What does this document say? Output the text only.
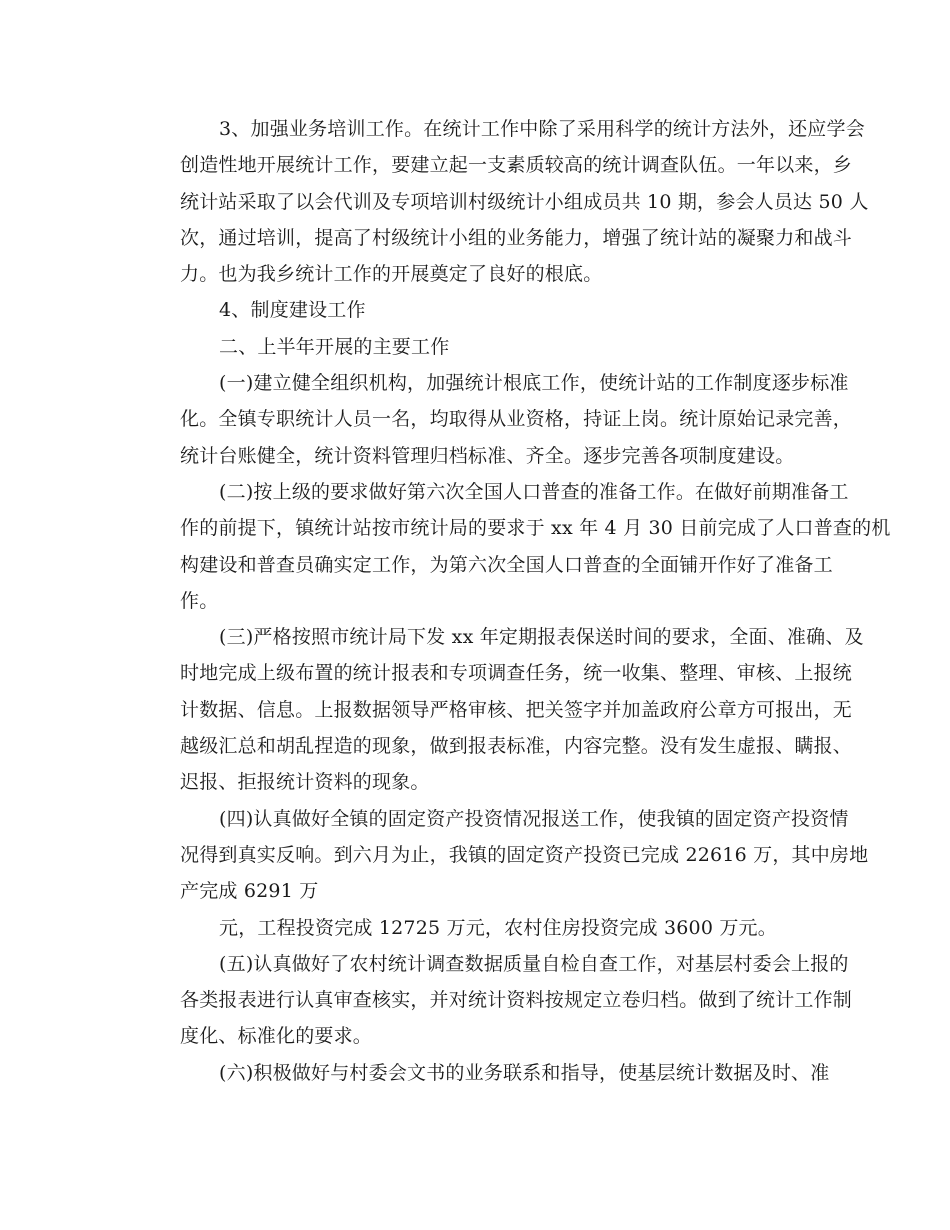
3、加强业务培训工作。在统计工作中除了采用科学的统计方法外，还应学会
创造性地开展统计工作，要建立起一支素质较高的统计调查队伍。一年以来，乡
统计站采取了以会代训及专项培训村级统计小组成员共 10 期，参会人员达 50 人
次，通过培训，提高了村级统计小组的业务能力，增强了统计站的凝聚力和战斗
力。也为我乡统计工作的开展奠定了良好的根底。
4、制度建设工作
二、上半年开展的主要工作
(一)建立健全组织机构，加强统计根底工作，使统计站的工作制度逐步标准
化。全镇专职统计人员一名，均取得从业资格，持证上岗。统计原始记录完善，
统计台账健全，统计资料管理归档标准、齐全。逐步完善各项制度建设。
(二)按上级的要求做好第六次全国人口普查的准备工作。在做好前期准备工
作的前提下，镇统计站按市统计局的要求于 xx 年 4 月 30 日前完成了人口普查的机
构建设和普查员确实定工作，为第六次全国人口普查的全面铺开作好了准备工
作。
(三)严格按照市统计局下发 xx 年定期报表保送时间的要求，全面、准确、及
时地完成上级布置的统计报表和专项调查任务，统一收集、整理、审核、上报统
计数据、信息。上报数据领导严格审核、把关签字并加盖政府公章方可报出，无
越级汇总和胡乱捏造的现象，做到报表标准，内容完整。没有发生虚报、瞒报、
迟报、拒报统计资料的现象。
(四)认真做好全镇的固定资产投资情况报送工作，使我镇的固定资产投资情
况得到真实反响。到六月为止，我镇的固定资产投资已完成 22616 万，其中房地
产完成 6291 万
元，工程投资完成 12725 万元，农村住房投资完成 3600 万元。
(五)认真做好了农村统计调查数据质量自检自查工作，对基层村委会上报的
各类报表进行认真审查核实，并对统计资料按规定立卷归档。做到了统计工作制
度化、标准化的要求。
(六)积极做好与村委会文书的业务联系和指导，使基层统计数据及时、准
